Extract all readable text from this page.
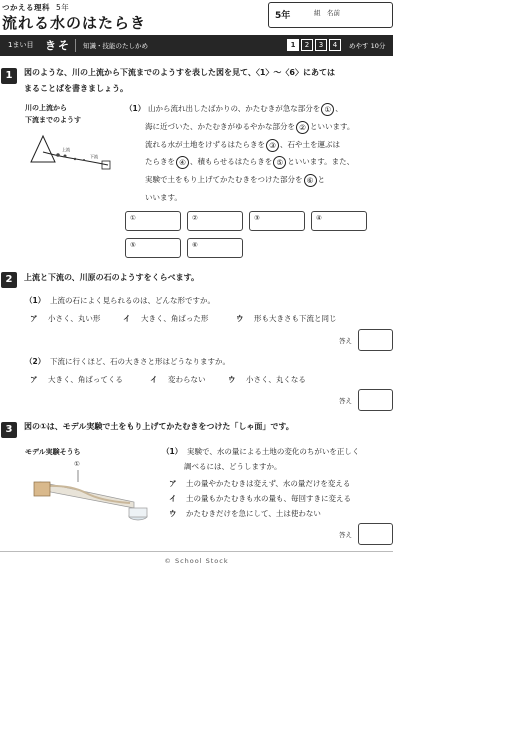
つかえる理科 5年
流れる水のはたらき	5年	組 名前
1まい目 きそ 知識・技能のたしかめ	1	2	3	4	めやす 10分
1	図のような、川の上流から下流までのようすを表した図を見て、〈1〉〜〈6〉にあては
まることばを書きましょう。
川の上流から
下流までのようす
上流
下流
（1） 山から流れ出したばかりの、かたむきが急な部分を ① 、
海に近づいた、かたむきがゆるやかな部分を ② といいます。
流れる水が土地をけずるはたらきを ③ 、石や土を運ぶは
たらきを ④ 、積もらせるはたらきを ⑤ といいます。また、
実験で土をもり上げてかたむきをつけた部分を ⑥ と
いいます。
①	②	③	④
⑤	⑥
2	上流と下流の、川原の石のようすをくらべます。
（1） 上流の石によく見られるのは、どんな形ですか。
ア 小さく、丸い形	イ 大きく、角ばった形	ウ 形も大きさも下流と同じ
答え
（2） 下流に行くほど、石の大きさと形はどうなりますか。
ア 大きく、角ばってくる	イ 変わらない	ウ 小さく、丸くなる
答え
3	図の①は、モデル実験で土をもり上げてかたむきをつけた「しゃ面」です。
モデル実験そうち
①
（1） 実験で、水の量による土地の変化のちがいを正しく
調べるには、どうしますか。
ア 土の量やかたむきは変えず、水の量だけを変える
イ 土の量もかたむきも水の量も、毎回すきに変える
ウ かたむきだけを急にして、土は使わない
答え
© School Stock
